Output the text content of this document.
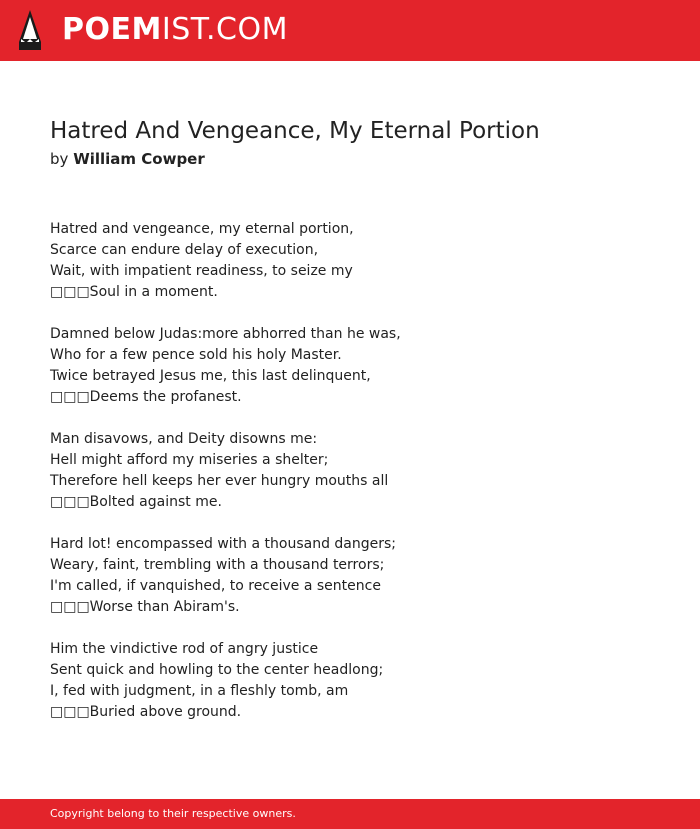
POEMIST.COM
Hatred And Vengeance, My Eternal Portion
by William Cowper
Hatred and vengeance, my eternal portion,
Scarce can endure delay of execution,
Wait, with impatient readiness, to seize my
□□□Soul in a moment.
Damned below Judas:more abhorred than he was,
Who for a few pence sold his holy Master.
Twice betrayed Jesus me, this last delinquent,
□□□Deems the profanest.
Man disavows, and Deity disowns me:
Hell might afford my miseries a shelter;
Therefore hell keeps her ever hungry mouths all
□□□Bolted against me.
Hard lot! encompassed with a thousand dangers;
Weary, faint, trembling with a thousand terrors;
I'm called, if vanquished, to receive a sentence
□□□Worse than Abiram's.
Him the vindictive rod of angry justice
Sent quick and howling to the center headlong;
I, fed with judgment, in a fleshly tomb, am
□□□Buried above ground.
Copyright belong to their respective owners.
